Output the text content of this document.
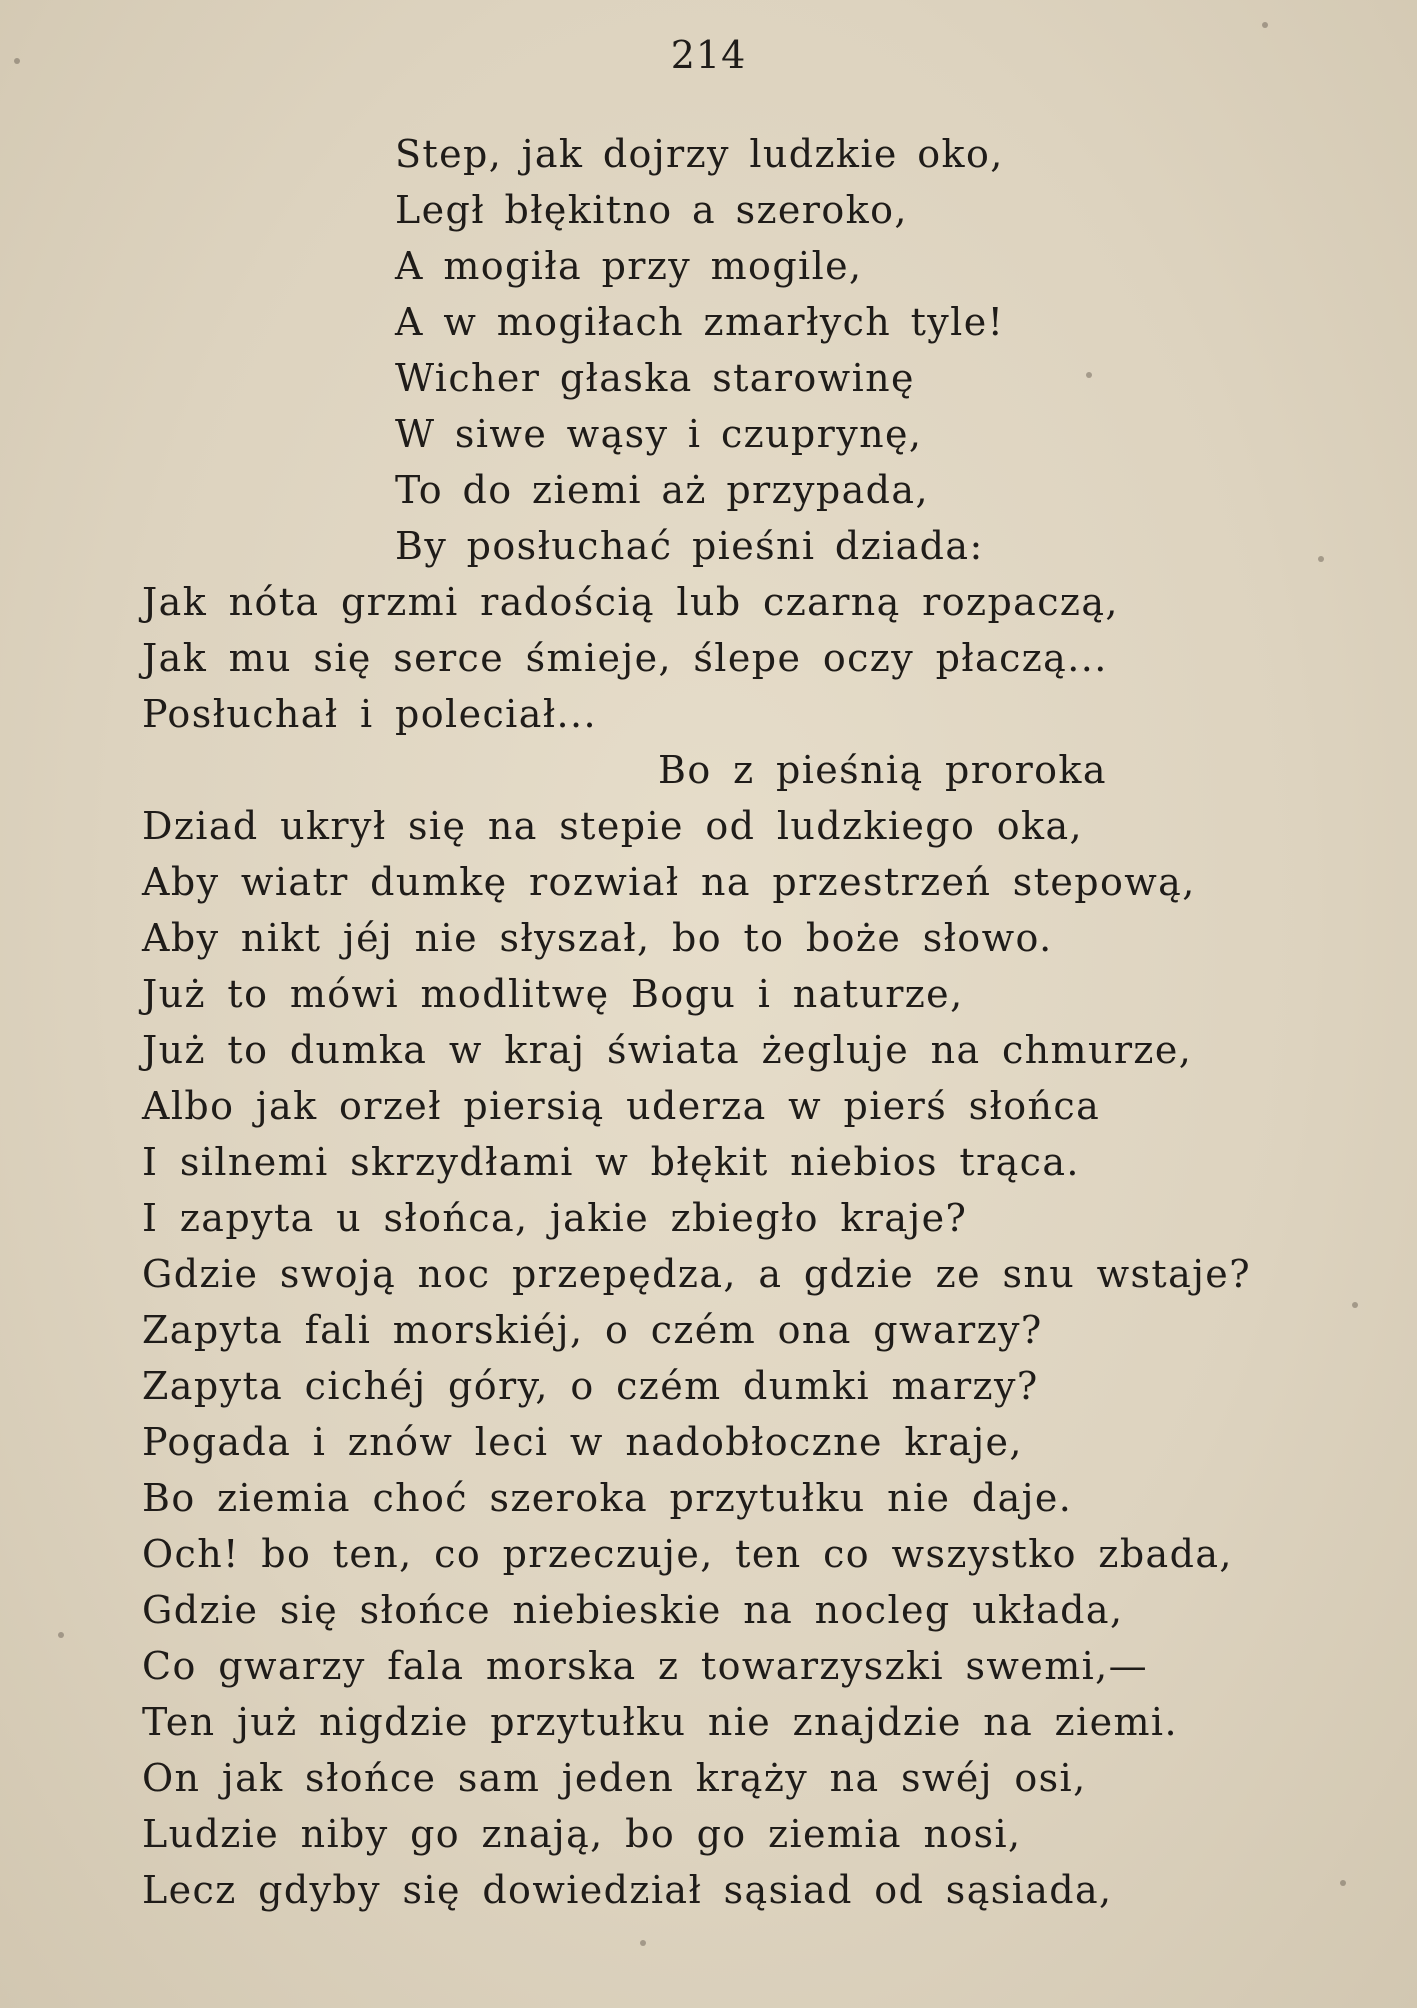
214
Step, jak dojrzy ludzkie oko,
Legł błękitno a szeroko,
A mogiła przy mogile,
A w mogiłach zmarłych tyle!
Wicher głaska starowinę
W siwe wąsy i czuprynę,
To do ziemi aż przypada,
By posłuchać pieśni dziada:
Jak nóta grzmi radością lub czarną rozpaczą,
Jak mu się serce śmieje, ślepe oczy płaczą...
Posłuchał i poleciał...
Bo z pieśnią proroka
Dziad ukrył się na stepie od ludzkiego oka,
Aby wiatr dumkę rozwiał na przestrzeń stepową,
Aby nikt jéj nie słyszał, bo to boże słowo.
Już to mówi modlitwę Bogu i naturze,
Już to dumka w kraj świata żegluje na chmurze,
Albo jak orzeł piersią uderza w pierś słońca
I silnemi skrzydłami w błękit niebios trąca.
I zapyta u słońca, jakie zbiegło kraje?
Gdzie swoją noc przepędza, a gdzie ze snu wstaje?
Zapyta fali morskiéj, o czém ona gwarzy?
Zapyta cichéj góry, o czém dumki marzy?
Pogada i znów leci w nadobłoczne kraje,
Bo ziemia choć szeroka przytułku nie daje.
Och! bo ten, co przeczuje, ten co wszystko zbada,
Gdzie się słońce niebieskie na nocleg układa,
Co gwarzy fala morska z towarzyszki swemi,—
Ten już nigdzie przytułku nie znajdzie na ziemi.
On jak słońce sam jeden krąży na swéj osi,
Ludzie niby go znają, bo go ziemia nosi,
Lecz gdyby się dowiedział sąsiad od sąsiada,
